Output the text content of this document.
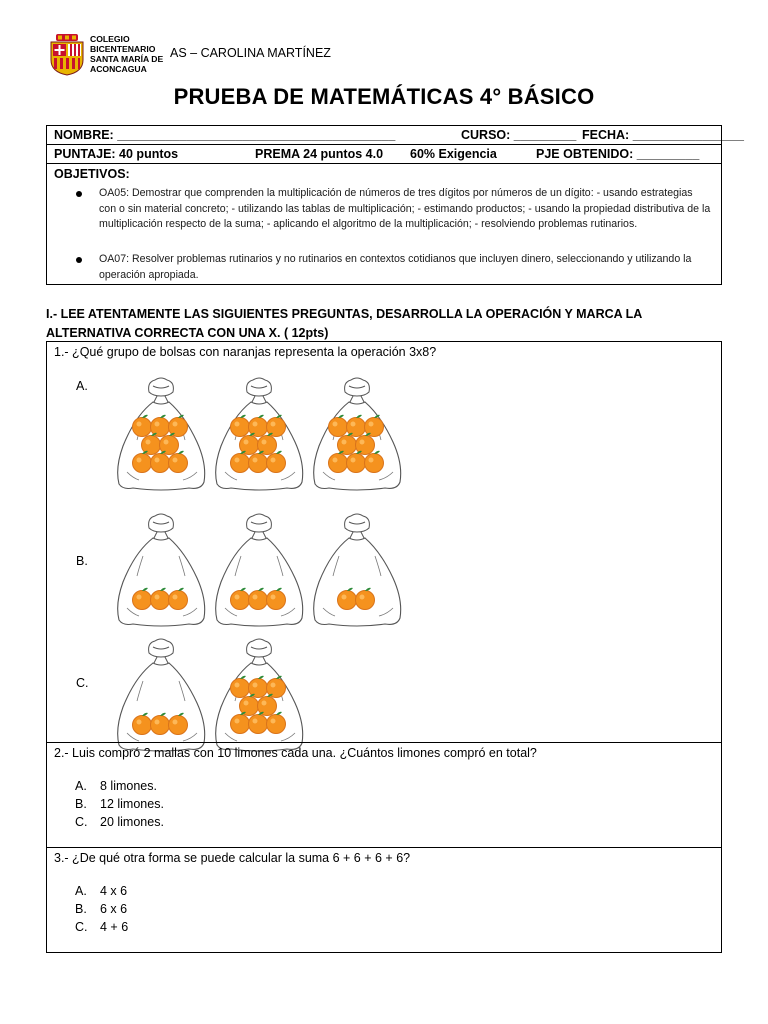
COLEGIO BICENTENARIO SANTA MARÍA DE ACONCAGUA
AS – CAROLINA MARTÍNEZ
PRUEBA DE MATEMÁTICAS 4° BÁSICO
NOMBRE: ________________________________________	CURSO: _________ FECHA: ________________
PUNTAJE: 40 puntos	PREMA 24 puntos 4.0 60% Exigencia	PJE OBTENIDO: _________
OBJETIVOS:
OA05: Demostrar que comprenden la multiplicación de números de tres dígitos por números de un dígito: - usando estrategias con o sin material concreto; - utilizando las tablas de multiplicación; - estimando productos; - usando la propiedad distributiva de la multiplicación respecto de la suma; - aplicando el algoritmo de la multiplicación; - resolviendo problemas rutinarios.
OA07: Resolver problemas rutinarios y no rutinarios en contextos cotidianos que incluyen dinero, seleccionando y utilizando la operación apropiada.
I.- LEE ATENTAMENTE LAS SIGUIENTES PREGUNTAS, DESARROLLA LA OPERACIÓN Y MARCA LA ALTERNATIVA CORRECTA CON UNA X. ( 12pts)
1.- ¿Qué grupo de bolsas con naranjas representa la operación 3x8?
A.
B.
C.
2.- Luis compró 2 mallas con 10 limones cada una. ¿Cuántos limones compró en total?
A. 8 limones.
B. 12 limones.
C. 20 limones.
3.- ¿De qué otra forma se puede calcular la suma 6 + 6 + 6 + 6?
A. 4 x 6
B. 6 x 6
C. 4 + 6
